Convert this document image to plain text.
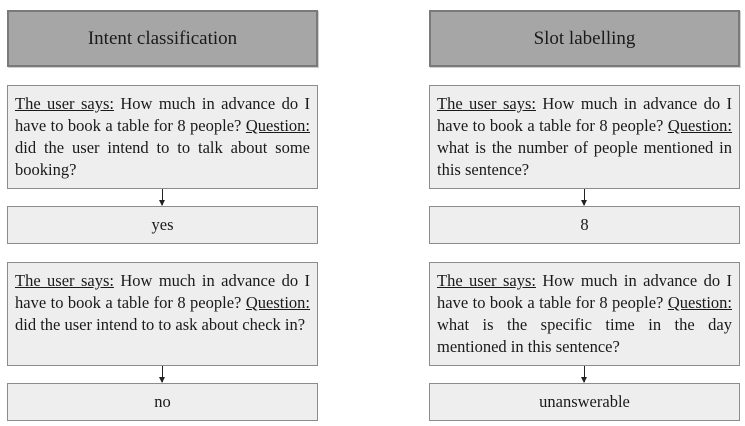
Intent classification
The user says: How much in advance do I have to book a table for 8 people? Question: did the user intend to to talk about some booking?
yes
The user says: How much in advance do I have to book a table for 8 people? Question: did the user intend to to ask about check in?
no
Slot labelling
The user says: How much in advance do I have to book a table for 8 people? Question: what is the number of people mentioned in this sentence?
8
The user says: How much in advance do I have to book a table for 8 people? Question: what is the specific time in the day mentioned in this sentence?
unanswerable
